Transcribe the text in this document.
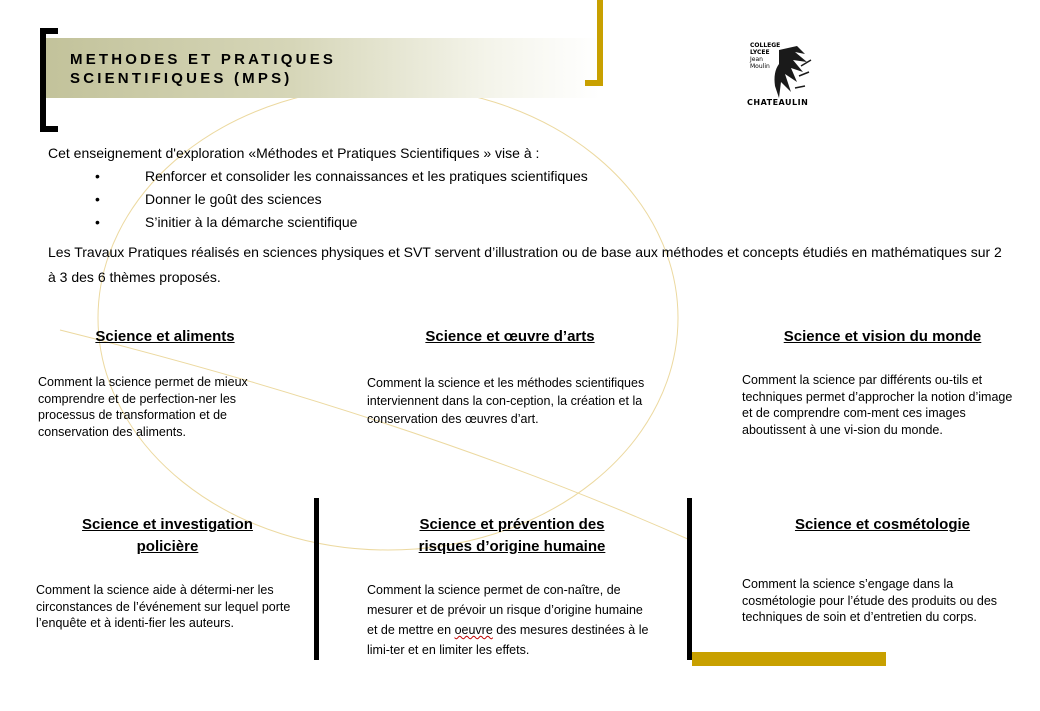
METHODES ET PRATIQUES
SCIENTIFIQUES (MPS)
COLLEGE
LYCEE
Jean
Moulin
CHATEAULIN
Cet enseignement d'exploration «Méthodes et Pratiques Scientifiques » vise à :
• Renforcer et consolider les connaissances et les pratiques scientifiques
• Donner le goût des sciences
• S’initier à la démarche scientifique
Les Travaux Pratiques réalisés en sciences physiques et SVT servent d’illustration ou de base aux méthodes et concepts étudiés en mathématiques sur 2 à 3 des 6 thèmes proposés.
Science et aliments
Comment la science permet de mieux comprendre et de perfection-ner les processus de transformation et de conservation des aliments.
Science et œuvre d’arts
Comment la science et les méthodes scientifiques interviennent dans la con-ception, la création et la conservation des œuvres d’art.
Science et vision du monde
Comment la science par différents ou-tils et techniques permet d’approcher la notion d’image et de comprendre com-ment ces images aboutissent à une vi-sion du monde.
Science et investigation
policière
Comment la science aide à détermi-ner les circonstances de l’événement sur lequel porte l’enquête et à identi-fier les auteurs.
Science et prévention des
risques d’origine humaine
Comment la science permet de con-naître, de mesurer et de prévoir un risque d’origine humaine et de mettre en oeuvre des mesures destinées à le limi-ter et en limiter les effets.
Science et cosmétologie
Comment la science s’engage dans la cosmétologie pour l’étude des produits ou des techniques de soin et d’entretien du corps.
